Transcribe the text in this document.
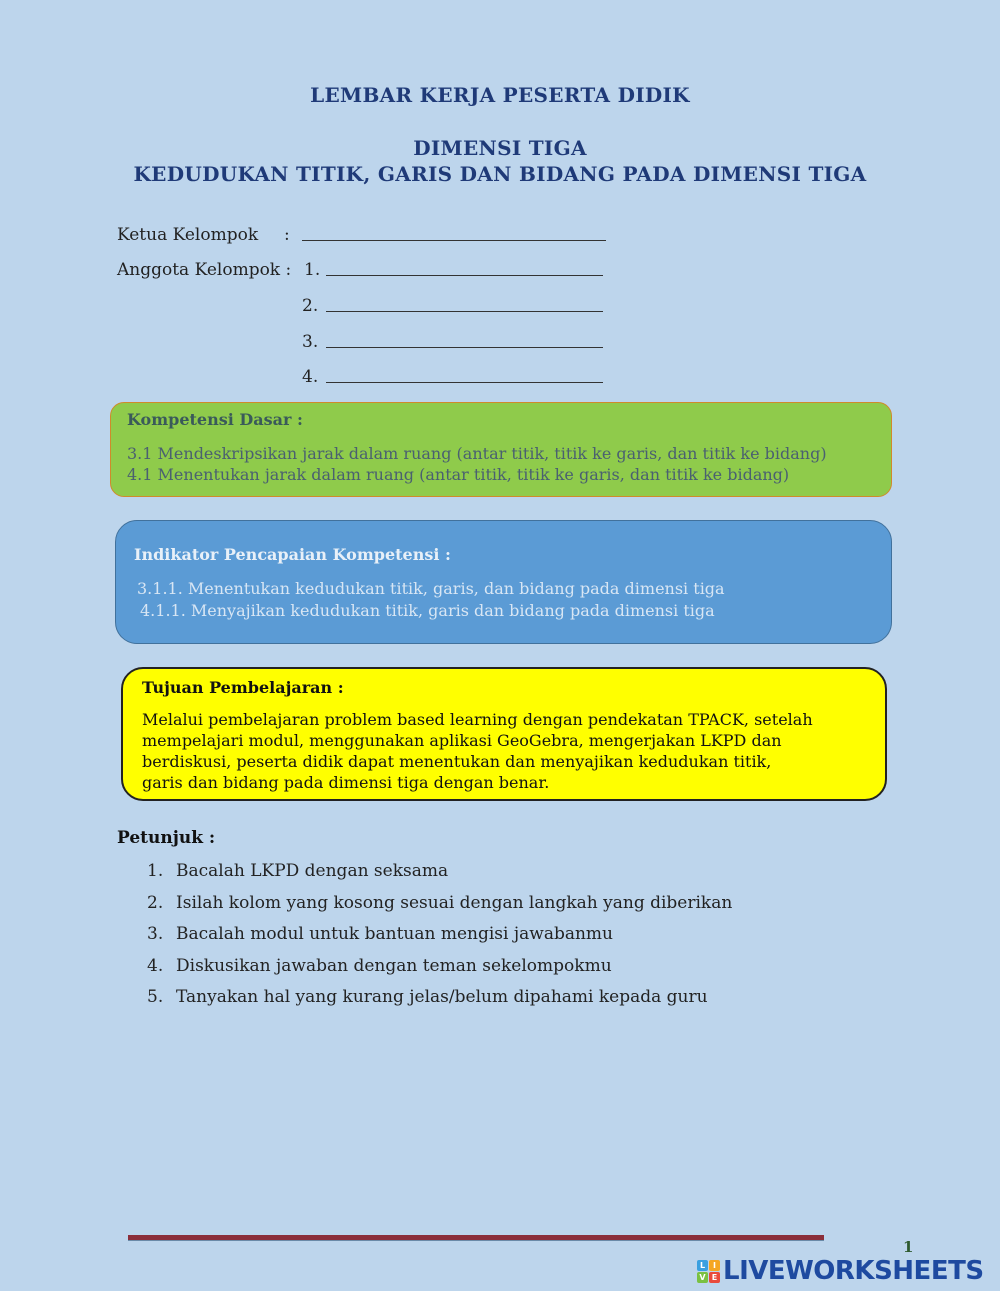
LEMBAR KERJA PESERTA DIDIK
DIMENSI TIGA
KEDUDUKAN TITIK, GARIS DAN BIDANG PADA DIMENSI TIGA
Ketua Kelompok :
Anggota Kelompok : 1.
2.
3.
4.
Kompetensi Dasar :
3.1 Mendeskripsikan jarak dalam ruang (antar titik, titik ke garis, dan titik ke bidang)
4.1 Menentukan jarak dalam ruang (antar titik, titik ke garis, dan titik ke bidang)
Indikator Pencapaian Kompetensi :
3.1.1. Menentukan kedudukan titik, garis, dan bidang pada dimensi tiga
4.1.1. Menyajikan kedudukan titik, garis dan bidang pada dimensi tiga
Tujuan Pembelajaran :
Melalui pembelajaran problem based learning dengan pendekatan TPACK, setelah
mempelajari modul, menggunakan aplikasi GeoGebra, mengerjakan LKPD dan
berdiskusi, peserta didik dapat menentukan dan menyajikan kedudukan titik,
garis dan bidang pada dimensi tiga dengan benar.
Petunjuk :
1. Bacalah LKPD dengan seksama
2. Isilah kolom yang kosong sesuai dengan langkah yang diberikan
3. Bacalah modul untuk bantuan mengisi jawabanmu
4. Diskusikan jawaban dengan teman sekelompokmu
5. Tanyakan hal yang kurang jelas/belum dipahami kepada guru
1
L I
V E LIVEWORKSHEETS
